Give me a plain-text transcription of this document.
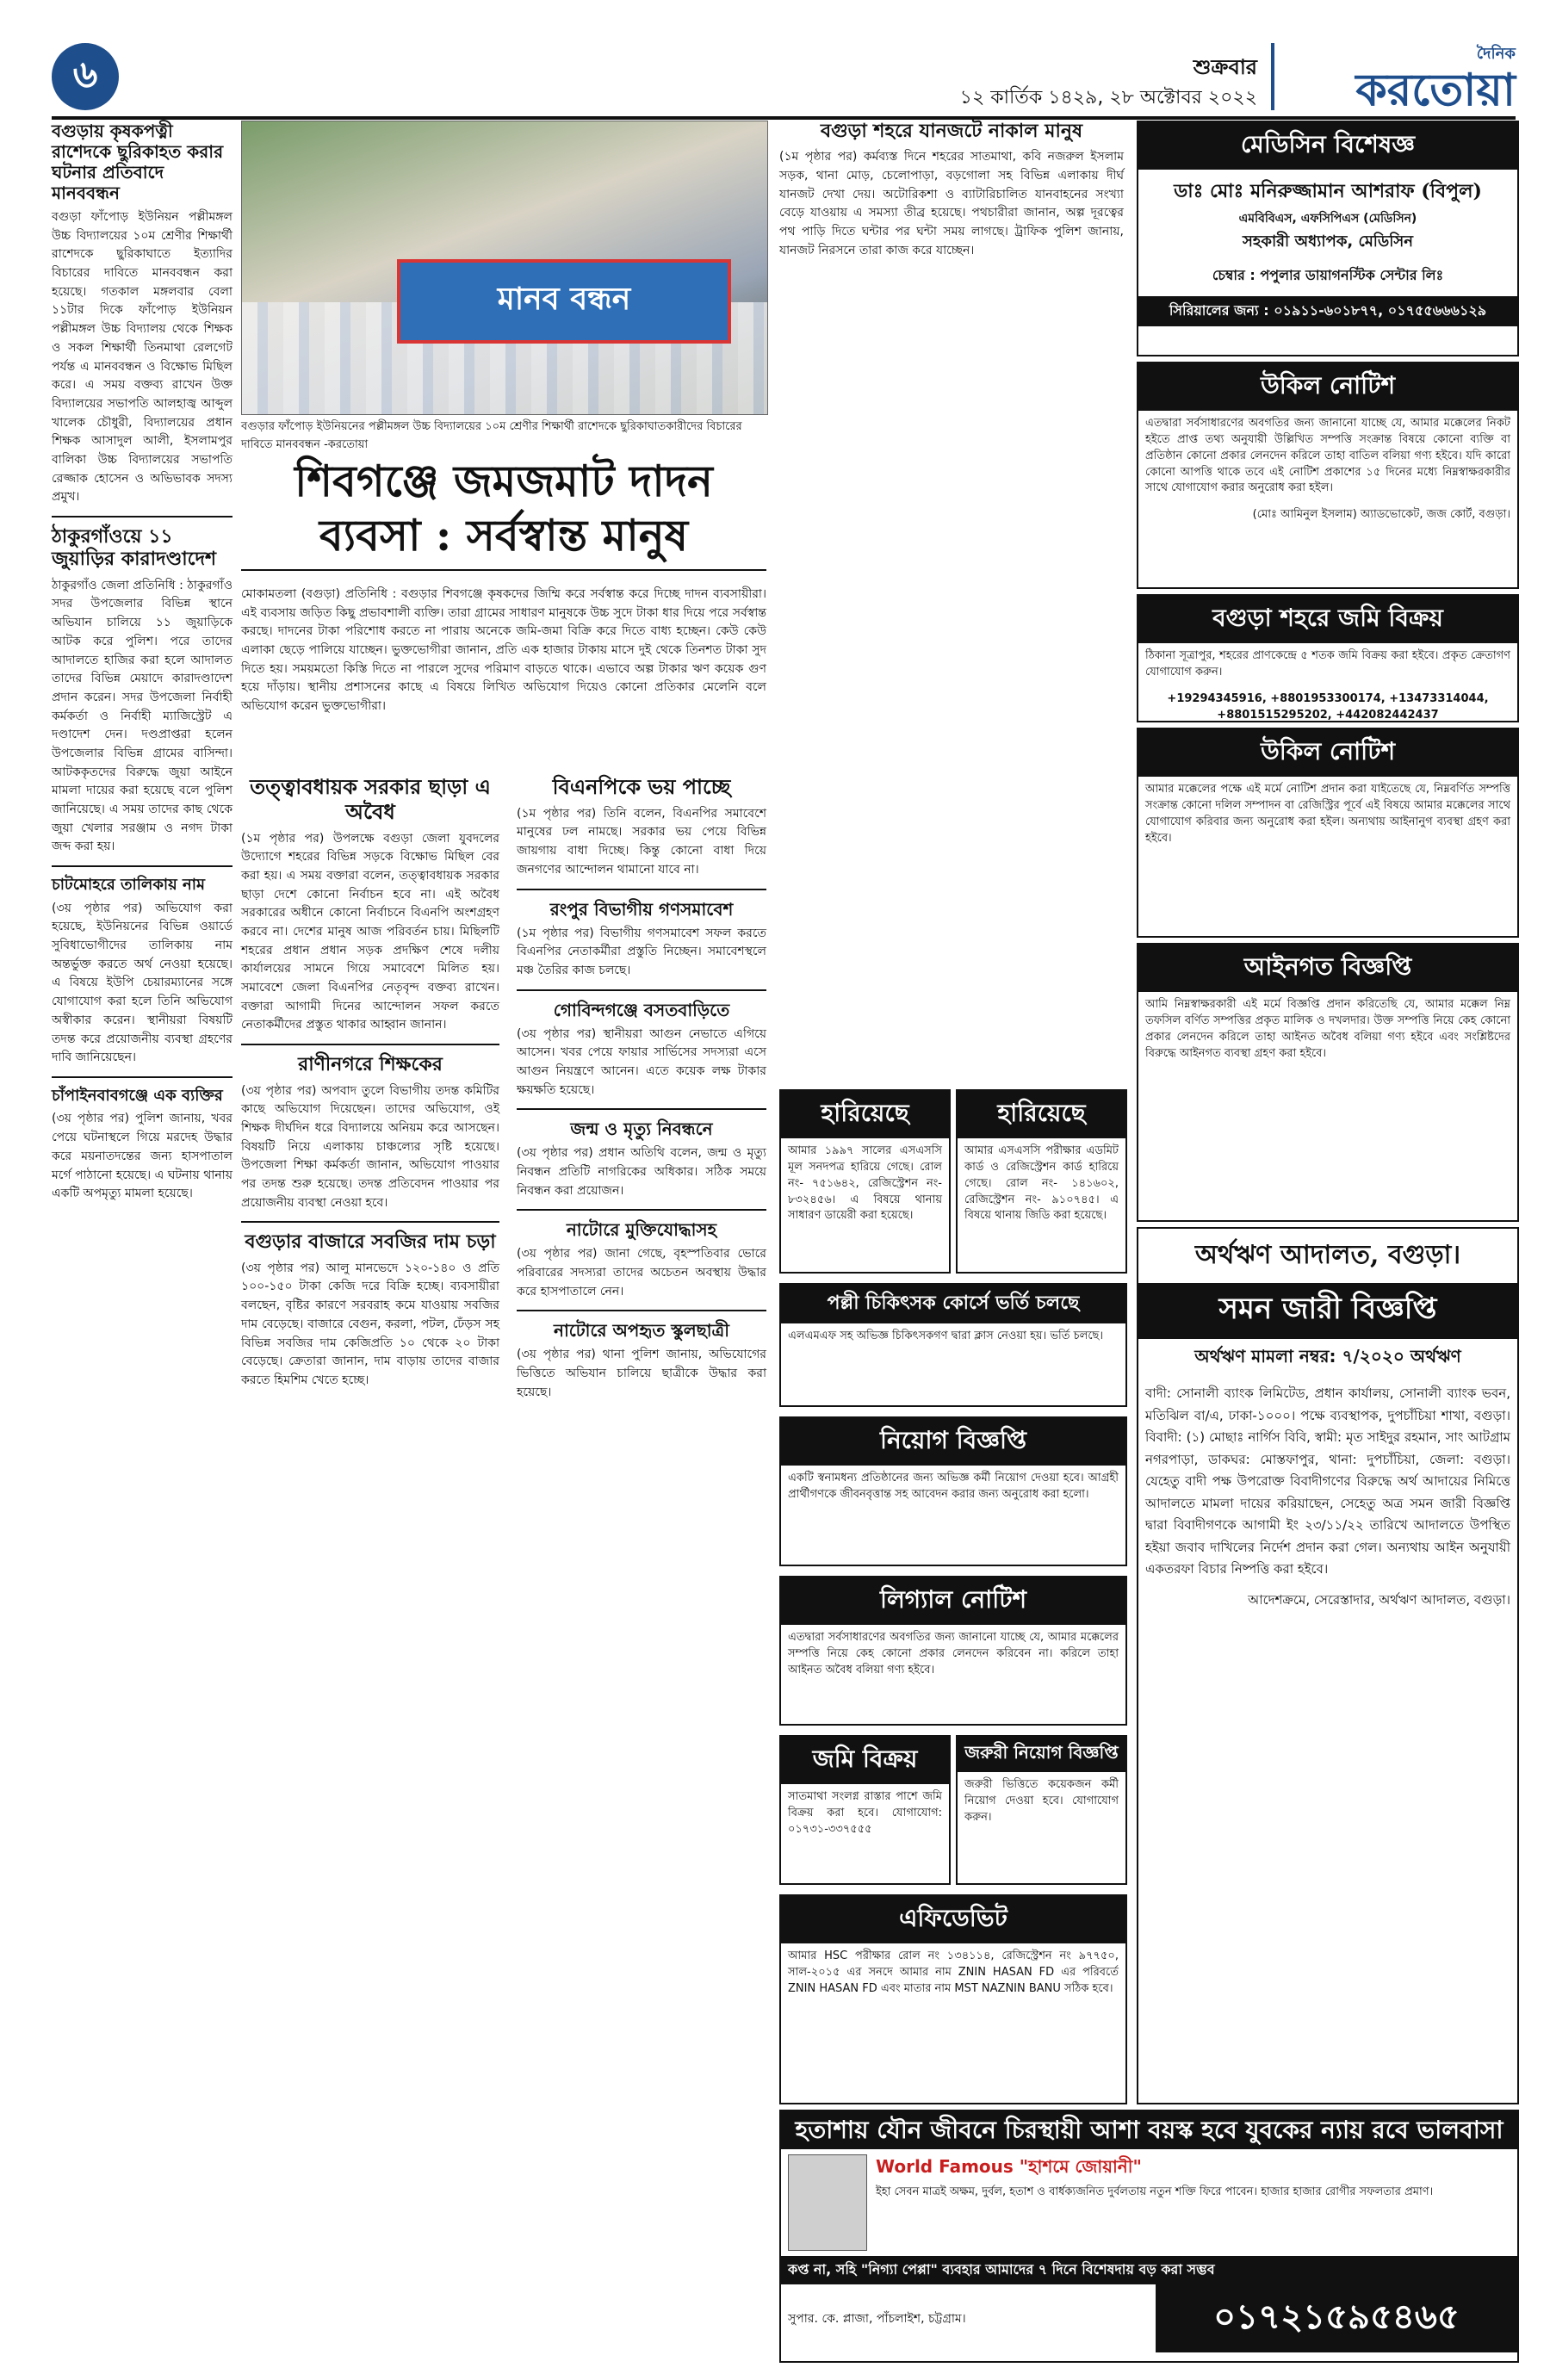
৬	শুক্রবার
১২ কার্তিক ১৪২৯, ২৮ অক্টোবর ২০২২
দৈনিক
করতোয়া
বগুড়ায় কৃষকপত্নী রাশেদকে ছুরিকাহত করার ঘটনার প্রতিবাদে মানববন্ধন

বগুড়া ফাঁপোড় ইউনিয়ন পল্লীমঙ্গল উচ্চ বিদ্যালয়ের ১০ম শ্রেণীর শিক্ষার্থী রাশেদকে ছুরিকাঘাতে ইত্যাদির বিচারের দাবিতে মানববন্ধন করা হয়েছে। গতকাল মঙ্গলবার বেলা ১১টার দিকে ফাঁপোড় ইউনিয়ন পল্লীমঙ্গল উচ্চ বিদ্যালয় থেকে শিক্ষক ও সকল শিক্ষার্থী তিনমাথা রেলগেট পর্যন্ত এ মানববন্ধন ও বিক্ষোভ মিছিল করে। এ সময় বক্তব্য রাখেন উক্ত বিদ্যালয়ের সভাপতি আলহাজ্ব আব্দুল খালেক চৌধুরী, বিদ্যালয়ের প্রধান শিক্ষক আসাদুল আলী, ইসলামপুর বালিকা উচ্চ বিদ্যালয়ের সভাপতি রেজ্জাক হোসেন ও অভিভাবক সদস্য প্রমুখ।

ঠাকুরগাঁওয়ে ১১ জুয়াড়ির কারাদণ্ডাদেশ

ঠাকুরগাঁও জেলা প্রতিনিধি : ঠাকুরগাঁও সদর উপজেলার বিভিন্ন স্থানে অভিযান চালিয়ে ১১ জুয়াড়িকে আটক করে পুলিশ। পরে তাদের আদালতে হাজির করা হলে আদালত তাদের বিভিন্ন মেয়াদে কারাদণ্ডাদেশ প্রদান করেন। সদর উপজেলা নির্বাহী কর্মকর্তা ও নির্বাহী ম্যাজিস্ট্রেট এ দণ্ডাদেশ দেন। দণ্ডপ্রাপ্তরা হলেন উপজেলার বিভিন্ন গ্রামের বাসিন্দা। আটককৃতদের বিরুদ্ধে জুয়া আইনে মামলা দায়ের করা হয়েছে বলে পুলিশ জানিয়েছে। এ সময় তাদের কাছ থেকে জুয়া খেলার সরঞ্জাম ও নগদ টাকা জব্দ করা হয়।

চাটমোহরে তালিকায় নাম

(৩য় পৃষ্ঠার পর) অভিযোগ করা হয়েছে, ইউনিয়নের বিভিন্ন ওয়ার্ডে সুবিধাভোগীদের তালিকায় নাম অন্তর্ভুক্ত করতে অর্থ নেওয়া হয়েছে। এ বিষয়ে ইউপি চেয়ারম্যানের সঙ্গে যোগাযোগ করা হলে তিনি অভিযোগ অস্বীকার করেন। স্থানীয়রা বিষয়টি তদন্ত করে প্রয়োজনীয় ব্যবস্থা গ্রহণের দাবি জানিয়েছেন।

চাঁপাইনবাবগঞ্জে এক ব্যক্তির

(৩য় পৃষ্ঠার পর) পুলিশ জানায়, খবর পেয়ে ঘটনাস্থলে গিয়ে মরদেহ উদ্ধার করে ময়নাতদন্তের জন্য হাসপাতাল মর্গে পাঠানো হয়েছে। এ ঘটনায় থানায় একটি অপমৃত্যু মামলা হয়েছে।

মানব বন্ধন
বগুড়ার ফাঁপোড় ইউনিয়নের পল্লীমঙ্গল উচ্চ বিদ্যালয়ের ১০ম শ্রেণীর শিক্ষার্থী রাশেদকে ছুরিকাঘাতকারীদের বিচারের দাবিতে মানববন্ধন -করতোয়া
শিবগঞ্জে জমজমাট দাদন ব্যবসা : সর্বস্বান্ত মানুষ

মোকামতলা (বগুড়া) প্রতিনিধি : বগুড়ার শিবগঞ্জে কৃষকদের জিম্মি করে সর্বস্বান্ত করে দিচ্ছে দাদন ব্যবসায়ীরা। এই ব্যবসায় জড়িত কিছু প্রভাবশালী ব্যক্তি। তারা গ্রামের সাধারণ মানুষকে উচ্চ সুদে টাকা ধার দিয়ে পরে সর্বস্বান্ত করছে। দাদনের টাকা পরিশোধ করতে না পারায় অনেকে জমি-জমা বিক্রি করে দিতে বাধ্য হচ্ছেন। কেউ কেউ এলাকা ছেড়ে পালিয়ে যাচ্ছেন। ভুক্তভোগীরা জানান, প্রতি এক হাজার টাকায় মাসে দুই থেকে তিনশত টাকা সুদ দিতে হয়। সময়মতো কিস্তি দিতে না পারলে সুদের পরিমাণ বাড়তে থাকে। এভাবে অল্প টাকার ঋণ কয়েক গুণ হয়ে দাঁড়ায়। স্থানীয় প্রশাসনের কাছে এ বিষয়ে লিখিত অভিযোগ দিয়েও কোনো প্রতিকার মেলেনি বলে অভিযোগ করেন ভুক্তভোগীরা।

তত্ত্বাবধায়ক সরকার ছাড়া এ অবৈধ

(১ম পৃষ্ঠার পর) উপলক্ষে বগুড়া জেলা যুবদলের উদ্যোগে শহরের বিভিন্ন সড়কে বিক্ষোভ মিছিল বের করা হয়। এ সময় বক্তারা বলেন, তত্ত্বাবধায়ক সরকার ছাড়া দেশে কোনো নির্বাচন হবে না। এই অবৈধ সরকারের অধীনে কোনো নির্বাচনে বিএনপি অংশগ্রহণ করবে না। দেশের মানুষ আজ পরিবর্তন চায়। মিছিলটি শহরের প্রধান প্রধান সড়ক প্রদক্ষিণ শেষে দলীয় কার্যালয়ের সামনে গিয়ে সমাবেশে মিলিত হয়। সমাবেশে জেলা বিএনপির নেতৃবৃন্দ বক্তব্য রাখেন। বক্তারা আগামী দিনের আন্দোলন সফল করতে নেতাকর্মীদের প্রস্তুত থাকার আহ্বান জানান।

রাণীনগরে শিক্ষকের

(৩য় পৃষ্ঠার পর) অপবাদ তুলে বিভাগীয় তদন্ত কমিটির কাছে অভিযোগ দিয়েছেন। তাদের অভিযোগ, ওই শিক্ষক দীর্ঘদিন ধরে বিদ্যালয়ে অনিয়ম করে আসছেন। বিষয়টি নিয়ে এলাকায় চাঞ্চল্যের সৃষ্টি হয়েছে। উপজেলা শিক্ষা কর্মকর্তা জানান, অভিযোগ পাওয়ার পর তদন্ত শুরু হয়েছে। তদন্ত প্রতিবেদন পাওয়ার পর প্রয়োজনীয় ব্যবস্থা নেওয়া হবে।

বগুড়ার বাজারে সবজির দাম চড়া

(৩য় পৃষ্ঠার পর) আলু মানভেদে ১২০-১৪০ ও প্রতি ১০০-১৫০ টাকা কেজি দরে বিক্রি হচ্ছে। ব্যবসায়ীরা বলছেন, বৃষ্টির কারণে সরবরাহ কমে যাওয়ায় সবজির দাম বেড়েছে। বাজারে বেগুন, করলা, পটল, ঢেঁড়স সহ বিভিন্ন সবজির দাম কেজিপ্রতি ১০ থেকে ২০ টাকা বেড়েছে। ক্রেতারা জানান, দাম বাড়ায় তাদের বাজার করতে হিমশিম খেতে হচ্ছে।

বিএনপিকে ভয় পাচ্ছে

(১ম পৃষ্ঠার পর) তিনি বলেন, বিএনপির সমাবেশে মানুষের ঢল নামছে। সরকার ভয় পেয়ে বিভিন্ন জায়গায় বাধা দিচ্ছে। কিন্তু কোনো বাধা দিয়ে জনগণের আন্দোলন থামানো যাবে না।

রংপুর বিভাগীয় গণসমাবেশ

(১ম পৃষ্ঠার পর) বিভাগীয় গণসমাবেশ সফল করতে বিএনপির নেতাকর্মীরা প্রস্তুতি নিচ্ছেন। সমাবেশস্থলে মঞ্চ তৈরির কাজ চলছে।

গোবিন্দগঞ্জে বসতবাড়িতে

(৩য় পৃষ্ঠার পর) স্থানীয়রা আগুন নেভাতে এগিয়ে আসেন। খবর পেয়ে ফায়ার সার্ভিসের সদস্যরা এসে আগুন নিয়ন্ত্রণে আনেন। এতে কয়েক লক্ষ টাকার ক্ষয়ক্ষতি হয়েছে।

জন্ম ও মৃত্যু নিবন্ধনে

(৩য় পৃষ্ঠার পর) প্রধান অতিথি বলেন, জন্ম ও মৃত্যু নিবন্ধন প্রতিটি নাগরিকের অধিকার। সঠিক সময়ে নিবন্ধন করা প্রয়োজন।

নাটোরে মুক্তিযোদ্ধাসহ

(৩য় পৃষ্ঠার পর) জানা গেছে, বৃহস্পতিবার ভোরে পরিবারের সদস্যরা তাদের অচেতন অবস্থায় উদ্ধার করে হাসপাতালে নেন।

নাটোরে অপহৃত স্কুলছাত্রী

(৩য় পৃষ্ঠার পর) থানা পুলিশ জানায়, অভিযোগের ভিত্তিতে অভিযান চালিয়ে ছাত্রীকে উদ্ধার করা হয়েছে।

বগুড়া শহরে যানজটে নাকাল মানুষ

(১ম পৃষ্ঠার পর) কর্মব্যস্ত দিনে শহরের সাতমাথা, কবি নজরুল ইসলাম সড়ক, থানা মোড়, চেলোপাড়া, বড়গোলা সহ বিভিন্ন এলাকায় দীর্ঘ যানজট দেখা দেয়। অটোরিকশা ও ব্যাটারিচালিত যানবাহনের সংখ্যা বেড়ে যাওয়ায় এ সমস্যা তীব্র হয়েছে। পথচারীরা জানান, অল্প দূরত্বের পথ পাড়ি দিতে ঘন্টার পর ঘন্টা সময় লাগছে। ট্রাফিক পুলিশ জানায়, যানজট নিরসনে তারা কাজ করে যাচ্ছেন।

হারিয়েছে
আমার ১৯৯৭ সালের এসএসসি মূল সনদপত্র হারিয়ে গেছে। রোল নং- ৭৫১৬৪২, রেজিস্ট্রেশন নং- ৮৩২৪৫৬। এ বিষয়ে থানায় সাধারণ ডায়েরী করা হয়েছে।
হারিয়েছে
আমার এসএসসি পরীক্ষার এডমিট কার্ড ও রেজিস্ট্রেশন কার্ড হারিয়ে গেছে। রোল নং- ১৪১৬০২, রেজিস্ট্রেশন নং- ৯১০৭৪৫। এ বিষয়ে থানায় জিডি করা হয়েছে।
পল্লী চিকিৎসক কোর্সে ভর্তি চলছে
এলএমএফ সহ অভিজ্ঞ চিকিৎসকগণ দ্বারা ক্লাস নেওয়া হয়। ভর্তি চলছে।
নিয়োগ বিজ্ঞপ্তি
একটি স্বনামধন্য প্রতিষ্ঠানের জন্য অভিজ্ঞ কর্মী নিয়োগ দেওয়া হবে। আগ্রহী প্রার্থীগণকে জীবনবৃত্তান্ত সহ আবেদন করার জন্য অনুরোধ করা হলো।
লিগ্যাল নোটিশ
এতদ্বারা সর্বসাধারণের অবগতির জন্য জানানো যাচ্ছে যে, আমার মক্কেলের সম্পত্তি নিয়ে কেহ কোনো প্রকার লেনদেন করিবেন না। করিলে তাহা আইনত অবৈধ বলিয়া গণ্য হইবে।
জমি বিক্রয়
সাতমাথা সংলগ্ন রাস্তার পাশে জমি বিক্রয় করা হবে। যোগাযোগ: ০১৭৩১-৩৩৭৫৫৫
জরুরী নিয়োগ বিজ্ঞপ্তি
জরুরী ভিত্তিতে কয়েকজন কর্মী নিয়োগ দেওয়া হবে। যোগাযোগ করুন।
এফিডেভিট
আমার HSC পরীক্ষার রোল নং ১৩৪১১৪, রেজিস্ট্রেশন নং ৯৭৭৫০, সাল-২০১৫ এর সনদে আমার নাম ZNIN HASAN FD এর পরিবর্তে ZNIN HASAN FD এবং মাতার নাম MST NAZNIN BANU সঠিক হবে।
মেডিসিন বিশেষজ্ঞ
ডাঃ মোঃ মনিরুজ্জামান আশরাফ (বিপুল)
এমবিবিএস, এফসিপিএস (মেডিসিন)
সহকারী অধ্যাপক, মেডিসিন
চেম্বার : পপুলার ডায়াগনস্টিক সেন্টার লিঃ
সিরিয়ালের জন্য : ০১৯১১-৬০১৮৭৭, ০১৭৫৫৬৬৬১২৯
উকিল নোটিশ
এতদ্বারা সর্বসাধারণের অবগতির জন্য জানানো যাচ্ছে যে, আমার মক্কেলের নিকট হইতে প্রাপ্ত তথ্য অনুযায়ী উল্লিখিত সম্পত্তি সংক্রান্ত বিষয়ে কোনো ব্যক্তি বা প্রতিষ্ঠান কোনো প্রকার লেনদেন করিলে তাহা বাতিল বলিয়া গণ্য হইবে। যদি কারো কোনো আপত্তি থাকে তবে এই নোটিশ প্রকাশের ১৫ দিনের মধ্যে নিম্নস্বাক্ষরকারীর সাথে যোগাযোগ করার অনুরোধ করা হইল।
(মোঃ আমিনুল ইসলাম) অ্যাডভোকেট, জজ কোর্ট, বগুড়া।
বগুড়া শহরে জমি বিক্রয়
ঠিকানা সূত্রাপুর, শহরের প্রাণকেন্দ্রে ৫ শতক জমি বিক্রয় করা হইবে। প্রকৃত ক্রেতাগণ যোগাযোগ করুন।
+19294345916, +8801953300174, +13473314044, +8801515295202, +442082442437
উকিল নোটিশ
আমার মক্কেলের পক্ষে এই মর্মে নোটিশ প্রদান করা যাইতেছে যে, নিম্নবর্ণিত সম্পত্তি সংক্রান্ত কোনো দলিল সম্পাদন বা রেজিস্ট্রির পূর্বে এই বিষয়ে আমার মক্কেলের সাথে যোগাযোগ করিবার জন্য অনুরোধ করা হইল। অন্যথায় আইনানুগ ব্যবস্থা গ্রহণ করা হইবে।
আইনগত বিজ্ঞপ্তি
আমি নিম্নস্বাক্ষরকারী এই মর্মে বিজ্ঞপ্তি প্রদান করিতেছি যে, আমার মক্কেল নিম্ন তফসিল বর্ণিত সম্পত্তির প্রকৃত মালিক ও দখলদার। উক্ত সম্পত্তি নিয়ে কেহ কোনো প্রকার লেনদেন করিলে তাহা আইনত অবৈধ বলিয়া গণ্য হইবে এবং সংশ্লিষ্টদের বিরুদ্ধে আইনগত ব্যবস্থা গ্রহণ করা হইবে।
অর্থঋণ আদালত, বগুড়া।
সমন জারী বিজ্ঞপ্তি
অর্থঋণ মামলা নম্বর: ৭/২০২০ অর্থঋণ
বাদী: সোনালী ব্যাংক লিমিটেড, প্রধান কার্যালয়, সোনালী ব্যাংক ভবন, মতিঝিল বা/এ, ঢাকা-১০০০। পক্ষে ব্যবস্থাপক, দুপচাঁচিয়া শাখা, বগুড়া। বিবাদী: (১) মোছাঃ নার্গিস বিবি, স্বামী: মৃত সাইদুর রহমান, সাং আটগ্রাম নগরপাড়া, ডাকঘর: মোস্তফাপুর, থানা: দুপচাঁচিয়া, জেলা: বগুড়া। যেহেতু বাদী পক্ষ উপরোক্ত বিবাদীগণের বিরুদ্ধে অর্থ আদায়ের নিমিত্তে আদালতে মামলা দায়ের করিয়াছেন, সেহেতু অত্র সমন জারী বিজ্ঞপ্তি দ্বারা বিবাদীগণকে আগামী ইং ২৩/১১/২২ তারিখে আদালতে উপস্থিত হইয়া জবাব দাখিলের নির্দেশ প্রদান করা গেল। অন্যথায় আইন অনুযায়ী একতরফা বিচার নিষ্পত্তি করা হইবে।
আদেশক্রমে, সেরেস্তাদার, অর্থঋণ আদালত, বগুড়া।
হতাশায় যৌন জীবনে চিরস্থায়ী আশা বয়স্ক হবে যুবকের ন্যায় রবে ভালবাসা
World Famous "হাশমে জোয়ানী"
ইহা সেবন মাত্রই অক্ষম, দুর্বল, হতাশ ও বার্ধক্যজনিত দুর্বলতায় নতুন শক্তি ফিরে পাবেন। হাজার হাজার রোগীর সফলতার প্রমাণ।
কপ্ত না, সহি "নিগ্যা পেপ্পা" ব্যবহার আমাদের ৭ দিনে বিশেষদায় বড় করা সম্ভব
সুপার. কে. প্লাজা, পাঁচলাইশ, চট্টগ্রাম।	০১৭২১৫৯৫৪৬৫
